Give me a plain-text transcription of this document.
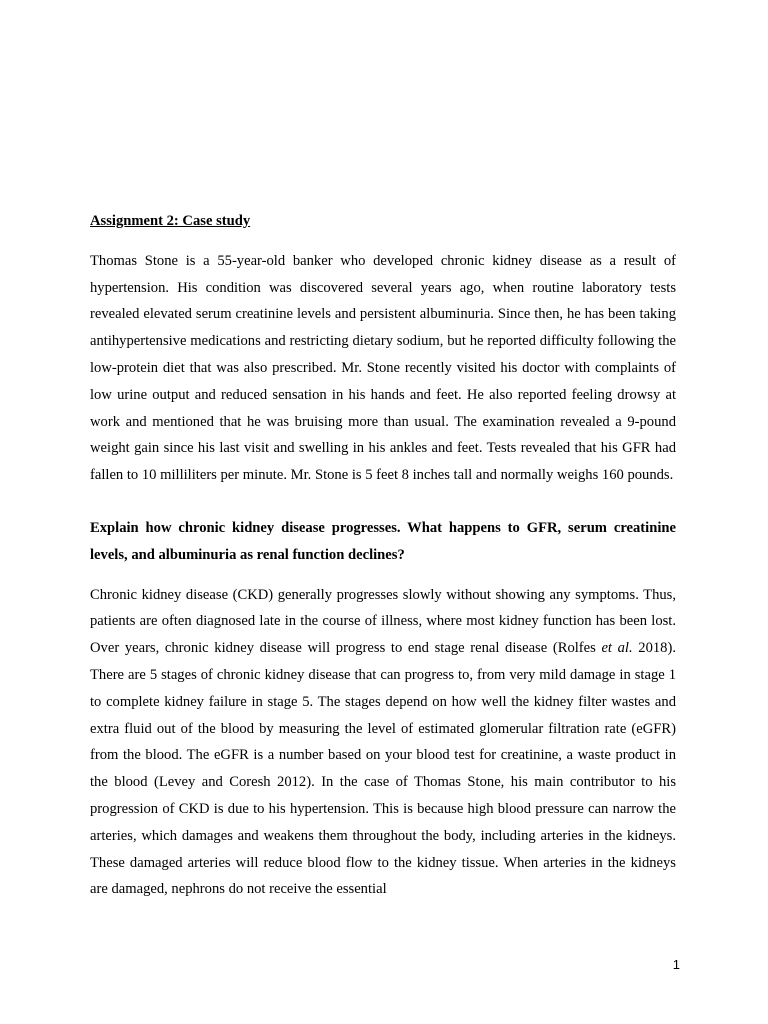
Assignment 2: Case study

Thomas Stone is a 55-year-old banker who developed chronic kidney disease as a result of hypertension. His condition was discovered several years ago, when routine laboratory tests revealed elevated serum creatinine levels and persistent albuminuria. Since then, he has been taking antihypertensive medications and restricting dietary sodium, but he reported difficulty following the low-protein diet that was also prescribed. Mr. Stone recently visited his doctor with complaints of low urine output and reduced sensation in his hands and feet. He also reported feeling drowsy at work and mentioned that he was bruising more than usual. The examination revealed a 9-pound weight gain since his last visit and swelling in his ankles and feet. Tests revealed that his GFR had fallen to 10 milliliters per minute. Mr. Stone is 5 feet 8 inches tall and normally weighs 160 pounds.

Explain how chronic kidney disease progresses. What happens to GFR, serum creatinine levels, and albuminuria as renal function declines?

Chronic kidney disease (CKD) generally progresses slowly without showing any symptoms. Thus, patients are often diagnosed late in the course of illness, where most kidney function has been lost. Over years, chronic kidney disease will progress to end stage renal disease (Rolfes et al. 2018). There are 5 stages of chronic kidney disease that can progress to, from very mild damage in stage 1 to complete kidney failure in stage 5. The stages depend on how well the kidney filter wastes and extra fluid out of the blood by measuring the level of estimated glomerular filtration rate (eGFR) from the blood. The eGFR is a number based on your blood test for creatinine, a waste product in the blood (Levey and Coresh 2012). In the case of Thomas Stone, his main contributor to his progression of CKD is due to his hypertension. This is because high blood pressure can narrow the arteries, which damages and weakens them throughout the body, including arteries in the kidneys. These damaged arteries will reduce blood flow to the kidney tissue. When arteries in the kidneys are damaged, nephrons do not receive the essential

1
